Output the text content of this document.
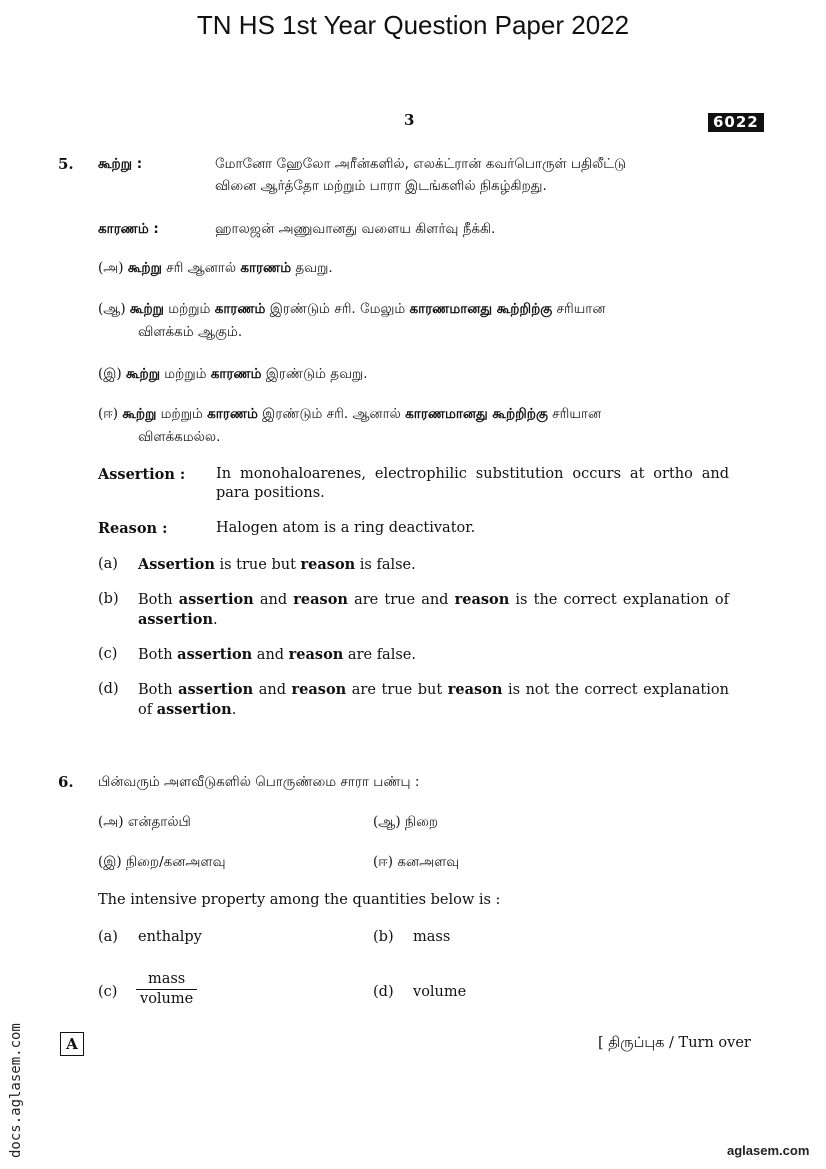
TN HS 1st Year Question Paper 2022
3	6022
5. கூற்று :	மோனோ ஹேலோ அரீன்களில், எலக்ட்ரான் கவர்பொருள் பதிலீட்டு
வினை ஆர்த்தோ மற்றும் பாரா இடங்களில் நிகழ்கிறது.
காரணம் :	ஹாலஜன் அணுவானது வளைய கிளர்வு நீக்கி.
(அ) கூற்று சரி ஆனால் காரணம் தவறு.
(ஆ) கூற்று மற்றும் காரணம் இரண்டும் சரி. மேலும் காரணமானது கூற்றிற்கு சரியான
விளக்கம் ஆகும்.
(இ) கூற்று மற்றும் காரணம் இரண்டும் தவறு.
(ஈ) கூற்று மற்றும் காரணம் இரண்டும் சரி. ஆனால் காரணமானது கூற்றிற்கு சரியான
விளக்கமல்ல.
Assertion : In monohaloarenes, electrophilic substitution occurs at ortho and para positions.
Reason :	Halogen atom is a ring deactivator.
(a) Assertion is true but reason is false.
(b) Both assertion and reason are true and reason is the correct explanation of assertion.
(c) Both assertion and reason are false.
(d) Both assertion and reason are true but reason is not the correct explanation of assertion.
6. பின்வரும் அளவீடுகளில் பொருண்மை சாரா பண்பு :
(அ) என்தால்பி	(ஆ) நிறை
(இ) நிறை/கனஅளவு	(ஈ) கனஅளவு
The intensive property among the quantities below is :
(a) enthalpy	(b) mass
$(c) \frac{\text{mass}}{\text{volume}}$	(d) volume
A	[ திருப்புக / Turn over
docs.aglasem.com	aglasem.com
